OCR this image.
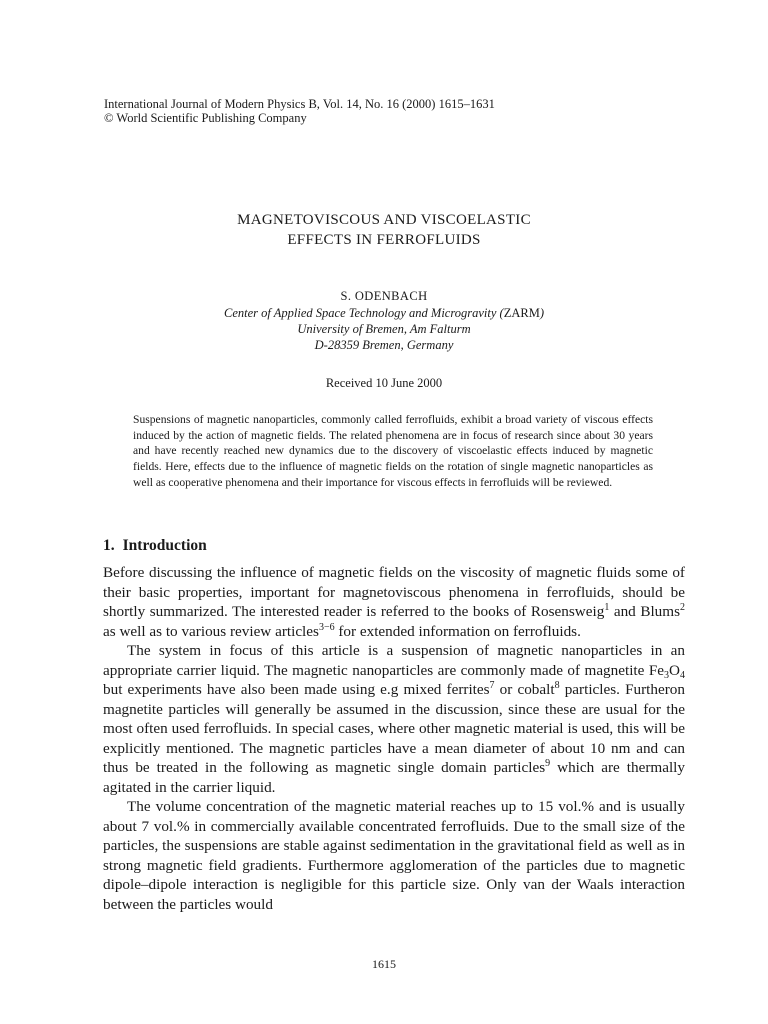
International Journal of Modern Physics B, Vol. 14, No. 16 (2000) 1615–1631
© World Scientific Publishing Company
MAGNETOVISCOUS AND VISCOELASTIC
EFFECTS IN FERROFLUIDS
S. ODENBACH
Center of Applied Space Technology and Microgravity (ZARM)
University of Bremen, Am Falturm
D-28359 Bremen, Germany
Received 10 June 2000
Suspensions of magnetic nanoparticles, commonly called ferrofluids, exhibit a broad variety of viscous effects induced by the action of magnetic fields. The related phenomena are in focus of research since about 30 years and have recently reached new dynamics due to the discovery of viscoelastic effects induced by magnetic fields. Here, effects due to the influence of magnetic fields on the rotation of single magnetic nanoparticles as well as cooperative phenomena and their importance for viscous effects in ferrofluids will be reviewed.
1. Introduction

Before discussing the influence of magnetic fields on the viscosity of magnetic fluids some of their basic properties, important for magnetoviscous phenomena in ferrofluids, should be shortly summarized. The interested reader is referred to the books of Rosensweig$^1$ and Blums$^2$ as well as to various review articles$^{3-6}$ for extended information on ferrofluids.

The system in focus of this article is a suspension of magnetic nanoparticles in an appropriate carrier liquid. The magnetic nanoparticles are commonly made of magnetite $Fe_3O_4$ but experiments have also been made using e.g mixed ferrites$^7$ or cobalt$^8$ particles. Furtheron magnetite particles will generally be assumed in the discussion, since these are usual for the most often used ferrofluids. In special cases, where other magnetic material is used, this will be explicitly mentioned. The magnetic particles have a mean diameter of about 10 nm and can thus be treated in the following as magnetic single domain particles$^9$ which are thermally agitated in the carrier liquid.

The volume concentration of the magnetic material reaches up to 15 vol.% and is usually about 7 vol.% in commercially available concentrated ferrofluids. Due to the small size of the particles, the suspensions are stable against sedimentation in the gravitational field as well as in strong magnetic field gradients. Furthermore agglomeration of the particles due to magnetic dipole–dipole interaction is negligible for this particle size. Only van der Waals interaction between the particles would

1615
